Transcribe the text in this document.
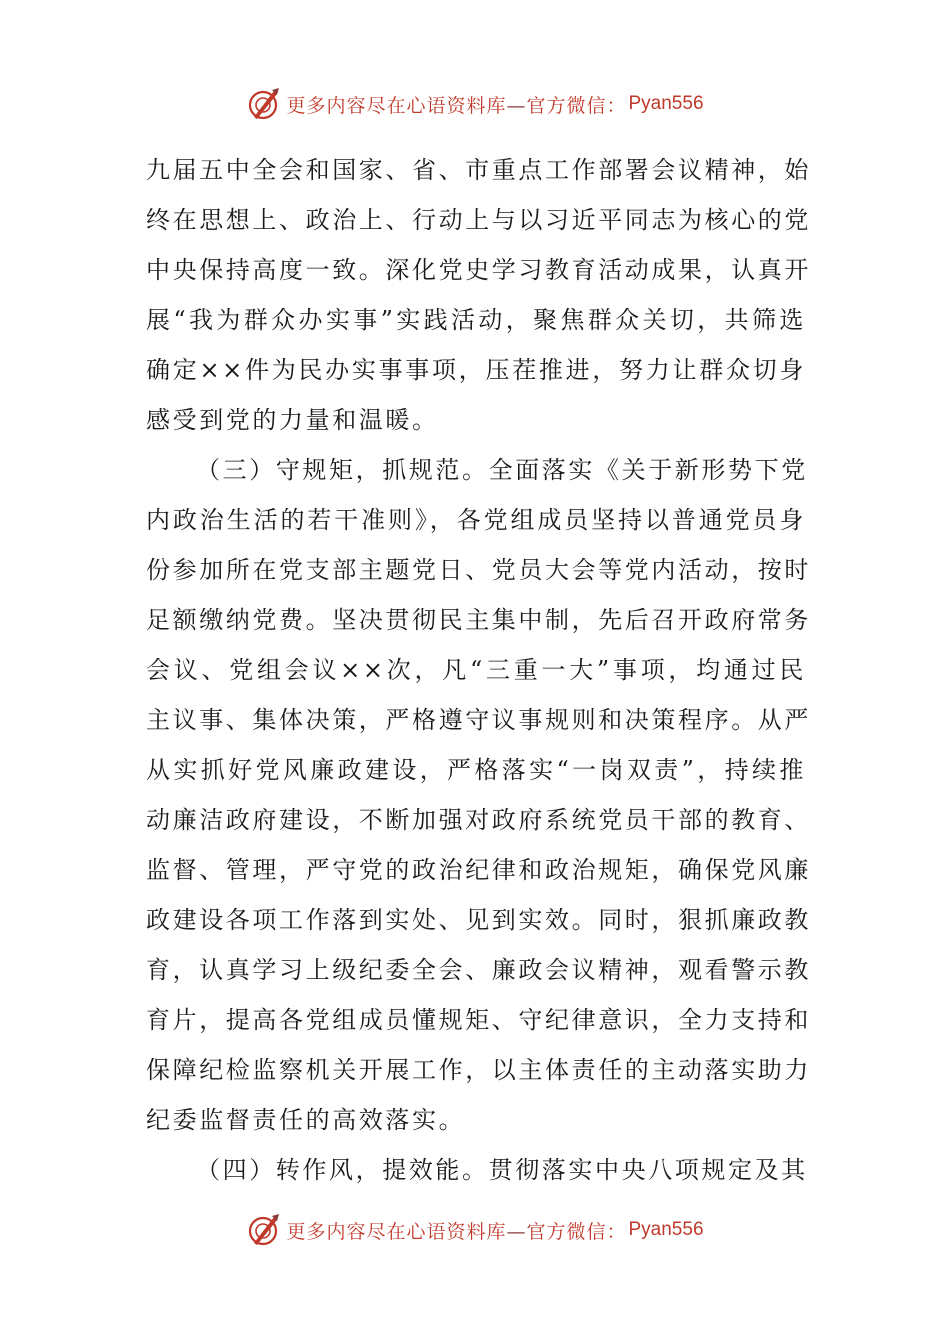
更多内容尽在心语资料库—官方微信： Pyan556

九届五中全会和国家、省、市重点工作部署会议精神，始
终在思想上、政治上、行动上与以习近平同志为核心的党
中央保持高度一致。深化党史学习教育活动成果，认真开
展“我为群众办实事”实践活动，聚焦群众关切，共筛选
确定××件为民办实事事项，压茬推进，努力让群众切身
感受到党的力量和温暖。

（三）守规矩，抓规范。全面落实《关于新形势下党
内政治生活的若干准则》，各党组成员坚持以普通党员身
份参加所在党支部主题党日、党员大会等党内活动，按时
足额缴纳党费。坚决贯彻民主集中制，先后召开政府常务
会议、党组会议××次，凡“三重一大”事项，均通过民
主议事、集体决策，严格遵守议事规则和决策程序。从严
从实抓好党风廉政建设，严格落实“一岗双责”，持续推
动廉洁政府建设，不断加强对政府系统党员干部的教育、
监督、管理，严守党的政治纪律和政治规矩，确保党风廉
政建设各项工作落到实处、见到实效。同时，狠抓廉政教
育，认真学习上级纪委全会、廉政会议精神，观看警示教
育片，提高各党组成员懂规矩、守纪律意识，全力支持和
保障纪检监察机关开展工作，以主体责任的主动落实助力
纪委监督责任的高效落实。

（四）转作风，提效能。贯彻落实中央八项规定及其

更多内容尽在心语资料库—官方微信： Pyan556
